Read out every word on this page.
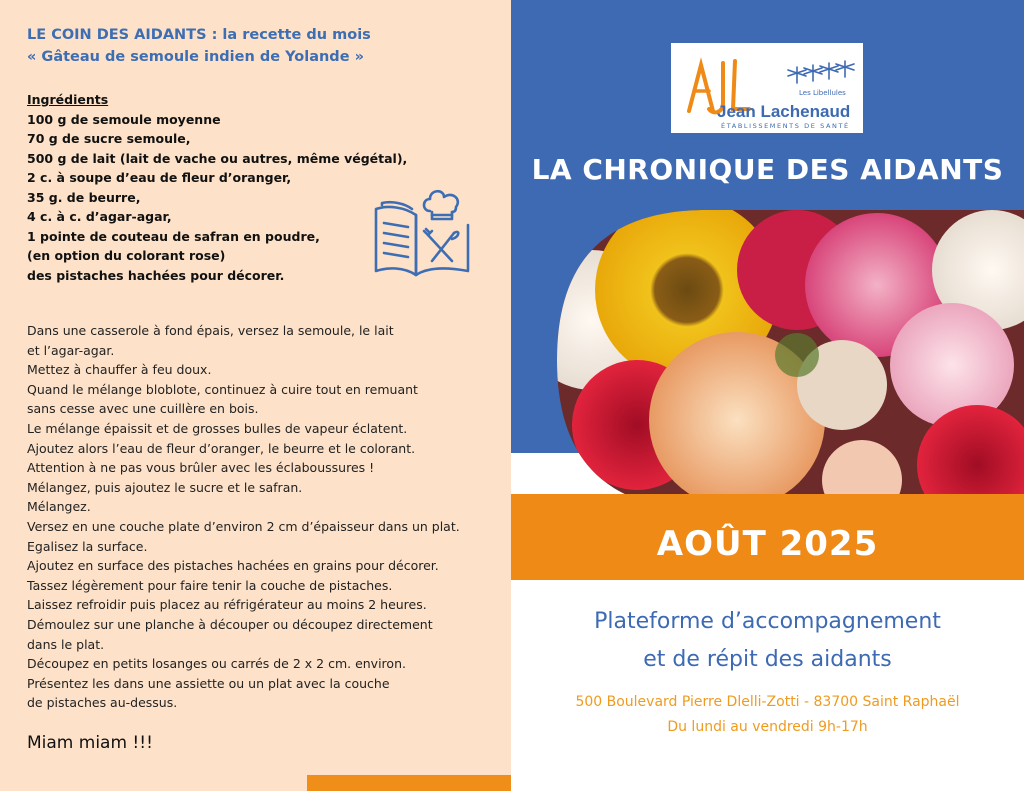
LE COIN DES AIDANTS : la recette du mois
« Gâteau de semoule indien de Yolande »
Ingrédients
100 g de semoule moyenne
70 g de sucre semoule,
500 g de lait (lait de vache ou autres, même végétal),
2 c. à soupe d’eau de fleur d’oranger,
35 g. de beurre,
4 c. à c. d’agar-agar,
1 pointe de couteau de safran en poudre,
(en option du colorant rose)
des pistaches hachées pour décorer.
Dans une casserole à fond épais, versez la semoule, le lait
et l’agar-agar.
Mettez à chauffer à feu doux.
Quand le mélange bloblote, continuez à cuire tout en remuant
sans cesse avec une cuillère en bois.
Le mélange épaissit et de grosses bulles de vapeur éclatent.
Ajoutez alors l’eau de fleur d’oranger, le beurre et le colorant.
Attention à ne pas vous brûler avec les éclaboussures !
Mélangez, puis ajoutez le sucre et le safran.
Mélangez.
Versez en une couche plate d’environ 2 cm d’épaisseur dans un plat.
Egalisez la surface.
Ajoutez en surface des pistaches hachées en grains pour décorer.
Tassez légèrement pour faire tenir la couche de pistaches.
Laissez refroidir puis placez au réfrigérateur au moins 2 heures.
Démoulez sur une planche à découper ou découpez directement
dans le plat.
Découpez en petits losanges ou carrés de 2 x 2 cm. environ.
Présentez les dans une assiette ou un plat avec la couche
de pistaches au-dessus.
Miam miam !!!
Les Libellules
Jean Lachenaud
ÉTABLISSEMENTS DE SANTÉ
LA CHRONIQUE DES AIDANTS
AOÛT 2025
Plateforme d’accompagnement
et de répit des aidants
500 Boulevard Pierre Dlelli-Zotti - 83700 Saint Raphaël
Du lundi au vendredi 9h-17h
